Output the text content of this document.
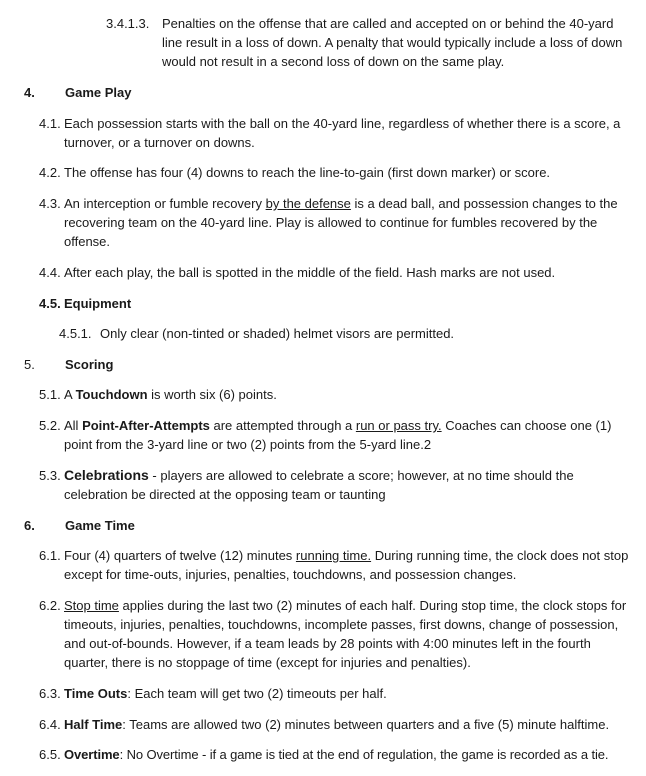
3.4.1.3. Penalties on the offense that are called and accepted on or behind the 40-yard
line result in a loss of down. A penalty that would typically include a loss of down
would not result in a second loss of down on the same play.
4.	Game Play
4.1. Each possession starts with the ball on the 40-yard line, regardless of whether there is a score, a turnover, or a turnover on downs.
4.2. The offense has four (4) downs to reach the line-to-gain (first down marker) or score.
4.3. An interception or fumble recovery by the defense is a dead ball, and possession changes to the recovering team on the 40-yard line. Play is allowed to continue for fumbles recovered by the offense.
4.4. After each play, the ball is spotted in the middle of the field. Hash marks are not used.
4.5. Equipment
4.5.1. Only clear (non-tinted or shaded) helmet visors are permitted.
5.	Scoring
5.1. A Touchdown is worth six (6) points.
5.2. All Point-After-Attempts are attempted through a run or pass try. Coaches can choose one (1) point from the 3-yard line or two (2) points from the 5-yard line.2
5.3. Celebrations - players are allowed to celebrate a score; however, at no time should the celebration be directed at the opposing team or taunting
6.	Game Time
6.1. Four (4) quarters of twelve (12) minutes running time. During running time, the clock does not stop except for time-outs, injuries, penalties, touchdowns, and possession changes.
6.2. Stop time applies during the last two (2) minutes of each half. During stop time, the clock stops for timeouts, injuries, penalties, touchdowns, incomplete passes, first downs, change of possession, and out-of-bounds. However, if a team leads by 28 points with 4:00 minutes left in the fourth quarter, there is no stoppage of time (except for injuries and penalties).
6.3. Time Outs: Each team will get two (2) timeouts per half.
6.4. Half Time: Teams are allowed two (2) minutes between quarters and a five (5) minute halftime.
6.5. Overtime: No Overtime - if a game is tied at the end of regulation, the game is recorded as a tie.
